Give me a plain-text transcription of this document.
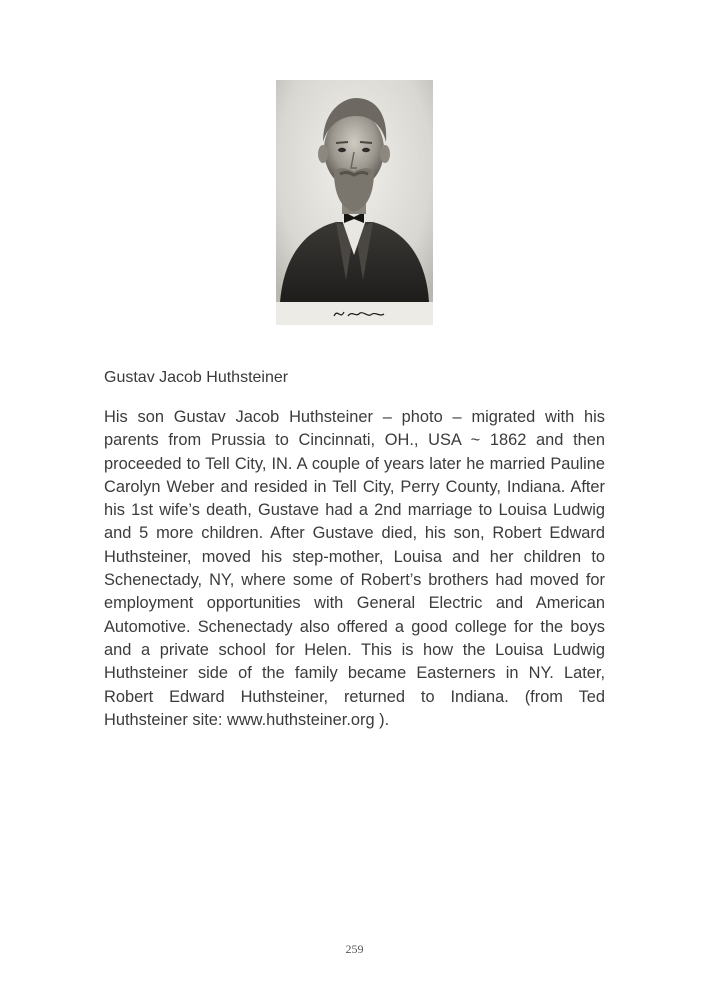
Gustav Jacob Huthsteiner

His son Gustav Jacob Huthsteiner – photo – migrated with his parents from Prussia to Cincinnati, OH., USA ~ 1862 and then proceeded to Tell City, IN. A couple of years later he married Pauline Carolyn Weber and resided in Tell City, Perry County, Indiana. After his 1st wife’s death, Gustave had a 2nd marriage to Louisa Ludwig and 5 more children. After Gustave died, his son, Robert Edward Huthsteiner, moved his step-mother, Louisa and her children to Schenectady, NY, where some of Robert’s brothers had moved for employment opportunities with General Electric and American Automotive. Schenectady also offered a good college for the boys and a private school for Helen. This is how the Louisa Ludwig Huthsteiner side of the family became Easterners in NY. Later, Robert Edward Huthsteiner, returned to Indiana. (from Ted Huthsteiner site: www.huthsteiner.org ).

259
